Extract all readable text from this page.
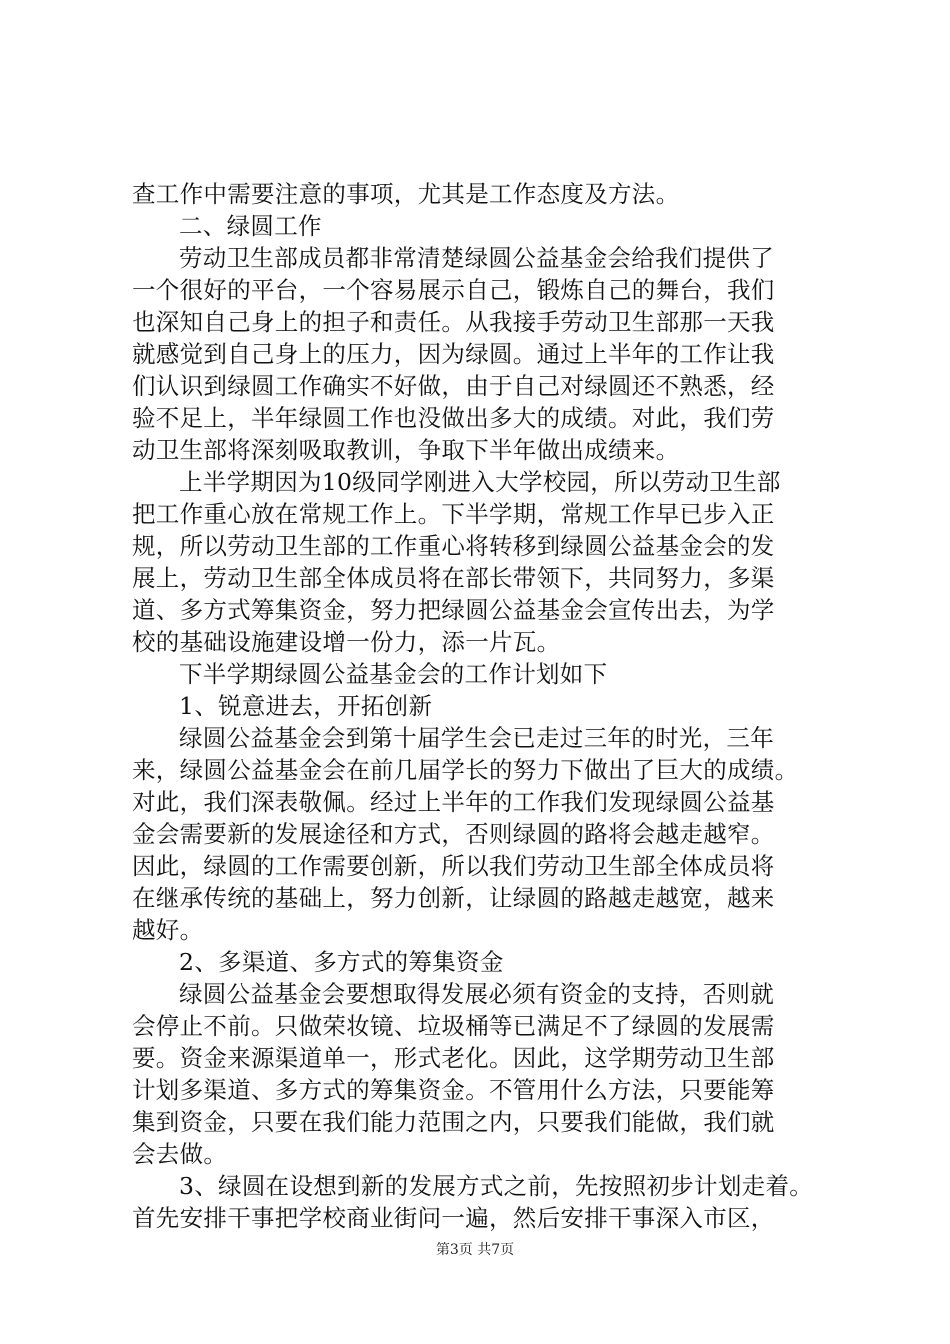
查工作中需要注意的事项，尤其是工作态度及方法。
二、绿圆工作
劳动卫生部成员都非常清楚绿圆公益基金会给我们提供了
一个很好的平台，一个容易展示自己，锻炼自己的舞台，我们
也深知自己身上的担子和责任。从我接手劳动卫生部那一天我
就感觉到自己身上的压力，因为绿圆。通过上半年的工作让我
们认识到绿圆工作确实不好做，由于自己对绿圆还不熟悉，经
验不足上，半年绿圆工作也没做出多大的成绩。对此，我们劳
动卫生部将深刻吸取教训，争取下半年做出成绩来。
上半学期因为10级同学刚进入大学校园，所以劳动卫生部
把工作重心放在常规工作上。下半学期，常规工作早已步入正
规，所以劳动卫生部的工作重心将转移到绿圆公益基金会的发
展上，劳动卫生部全体成员将在部长带领下，共同努力，多渠
道、多方式筹集资金，努力把绿圆公益基金会宣传出去，为学
校的基础设施建设增一份力，添一片瓦。
下半学期绿圆公益基金会的工作计划如下
1、锐意进去，开拓创新
绿圆公益基金会到第十届学生会已走过三年的时光，三年
来，绿圆公益基金会在前几届学长的努力下做出了巨大的成绩。
对此，我们深表敬佩。经过上半年的工作我们发现绿圆公益基
金会需要新的发展途径和方式，否则绿圆的路将会越走越窄。
因此，绿圆的工作需要创新，所以我们劳动卫生部全体成员将
在继承传统的基础上，努力创新，让绿圆的路越走越宽，越来
越好。
2、多渠道、多方式的筹集资金
绿圆公益基金会要想取得发展必须有资金的支持，否则就
会停止不前。只做荣妆镜、垃圾桶等已满足不了绿圆的发展需
要。资金来源渠道单一，形式老化。因此，这学期劳动卫生部
计划多渠道、多方式的筹集资金。不管用什么方法，只要能筹
集到资金，只要在我们能力范围之内，只要我们能做，我们就
会去做。
3、绿圆在设想到新的发展方式之前，先按照初步计划走着。
首先安排干事把学校商业街问一遍，然后安排干事深入市区，
第3页 共7页
